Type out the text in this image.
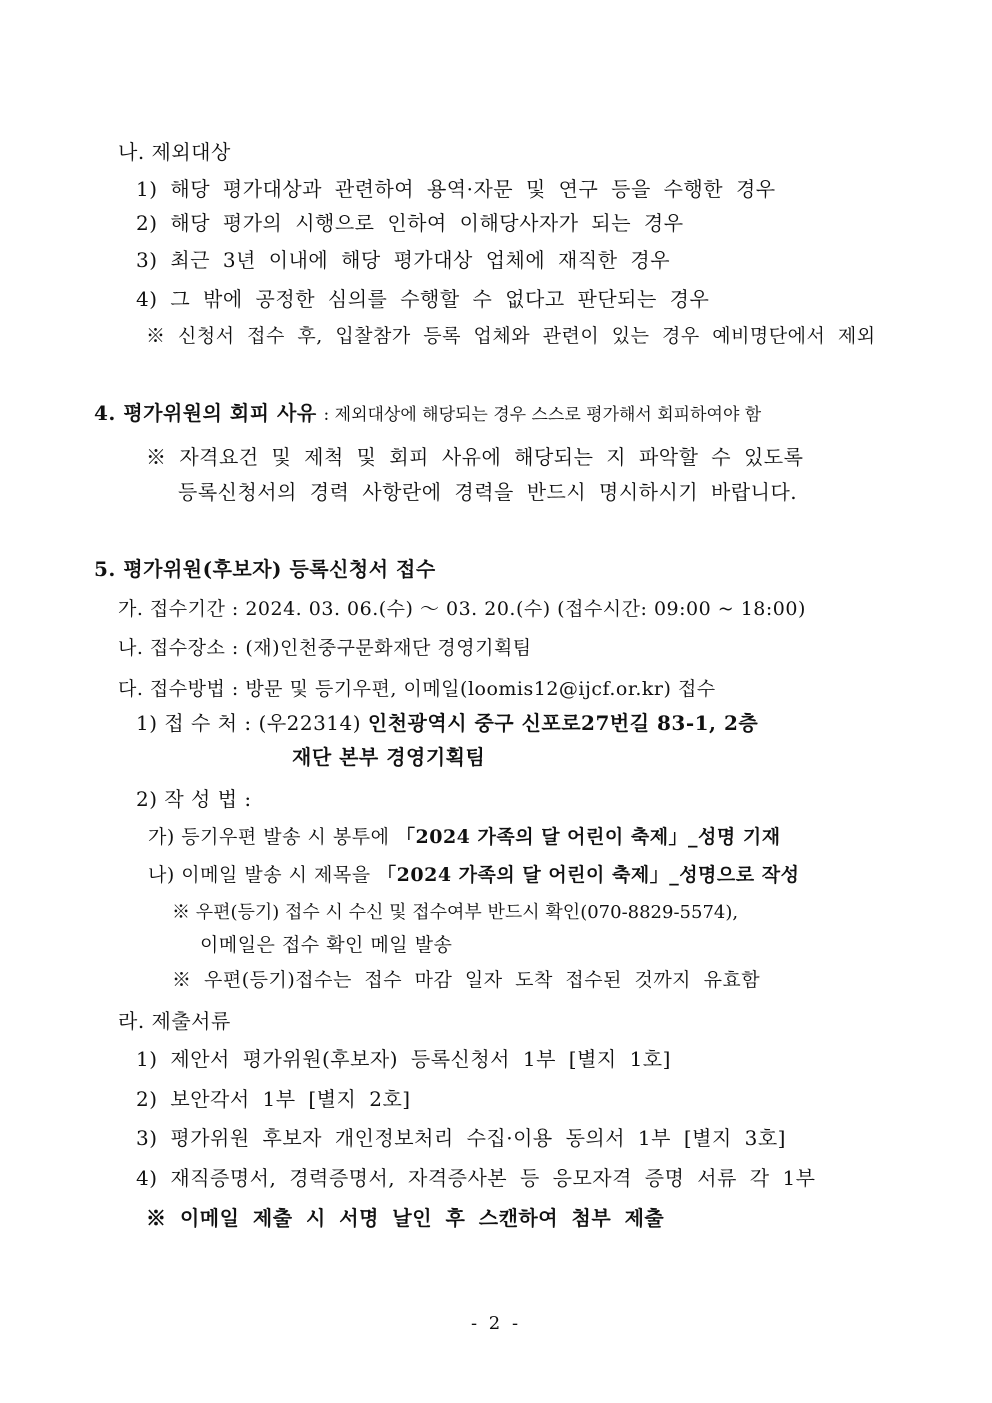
나. 제외대상
1) 해당 평가대상과 관련하여 용역·자문 및 연구 등을 수행한 경우
2) 해당 평가의 시행으로 인하여 이해당사자가 되는 경우
3) 최근 3년 이내에 해당 평가대상 업체에 재직한 경우
4) 그 밖에 공정한 심의를 수행할 수 없다고 판단되는 경우
※ 신청서 접수 후, 입찰참가 등록 업체와 관련이 있는 경우 예비명단에서 제외
4. 평가위원의 회피 사유 : 제외대상에 해당되는 경우 스스로 평가해서 회피하여야 함
※ 자격요건 및 제척 및 회피 사유에 해당되는 지 파악할 수 있도록
등록신청서의 경력 사항란에 경력을 반드시 명시하시기 바랍니다.
5. 평가위원(후보자) 등록신청서 접수
가. 접수기간 : 2024. 03. 06.(수) ～ 03. 20.(수) (접수시간: 09:00 ~ 18:00)
나. 접수장소 : (재)인천중구문화재단 경영기획팀
다. 접수방법 : 방문 및 등기우편, 이메일(loomis12@ijcf.or.kr) 접수
1) 접 수 처 : (우22314) 인천광역시 중구 신포로27번길 83-1, 2층
재단 본부 경영기획팀
2) 작 성 법 :
가) 등기우편 발송 시 봉투에 「2024 가족의 달 어린이 축제」_성명 기재
나) 이메일 발송 시 제목을 「2024 가족의 달 어린이 축제」_성명으로 작성
※ 우편(등기) 접수 시 수신 및 접수여부 반드시 확인(070-8829-5574),
이메일은 접수 확인 메일 발송
※ 우편(등기)접수는 접수 마감 일자 도착 접수된 것까지 유효함
라. 제출서류
1) 제안서 평가위원(후보자) 등록신청서 1부 [별지 1호]
2) 보안각서 1부 [별지 2호]
3) 평가위원 후보자 개인정보처리 수집·이용 동의서 1부 [별지 3호]
4) 재직증명서, 경력증명서, 자격증사본 등 응모자격 증명 서류 각 1부
※ 이메일 제출 시 서명 날인 후 스캔하여 첨부 제출
- 2 -
